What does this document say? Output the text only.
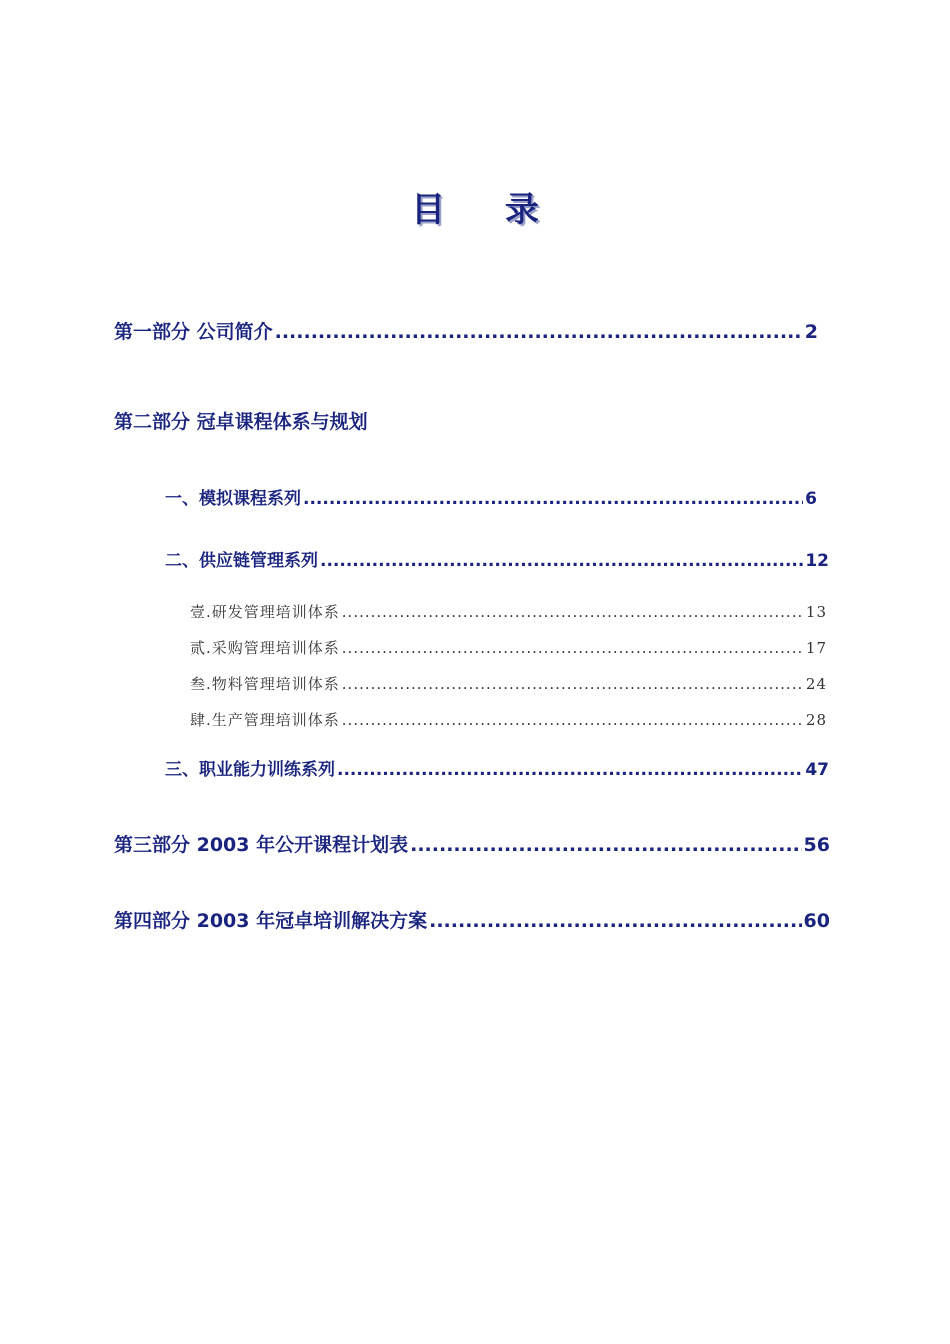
目 录
第一部分 公司简介 .....	2
第二部分 冠卓课程体系与规划
一、模拟课程系列 .....	6
二、供应链管理系列 .....	12
壹.研发管理培训体系 .....	13
贰.采购管理培训体系 .....	17
叁.物料管理培训体系 .....	24
肆.生产管理培训体系 .....	28
三、职业能力训练系列 .....	47
第三部分 2003 年公开课程计划表 .....	56
第四部分 2003 年冠卓培训解决方案 .....	60
